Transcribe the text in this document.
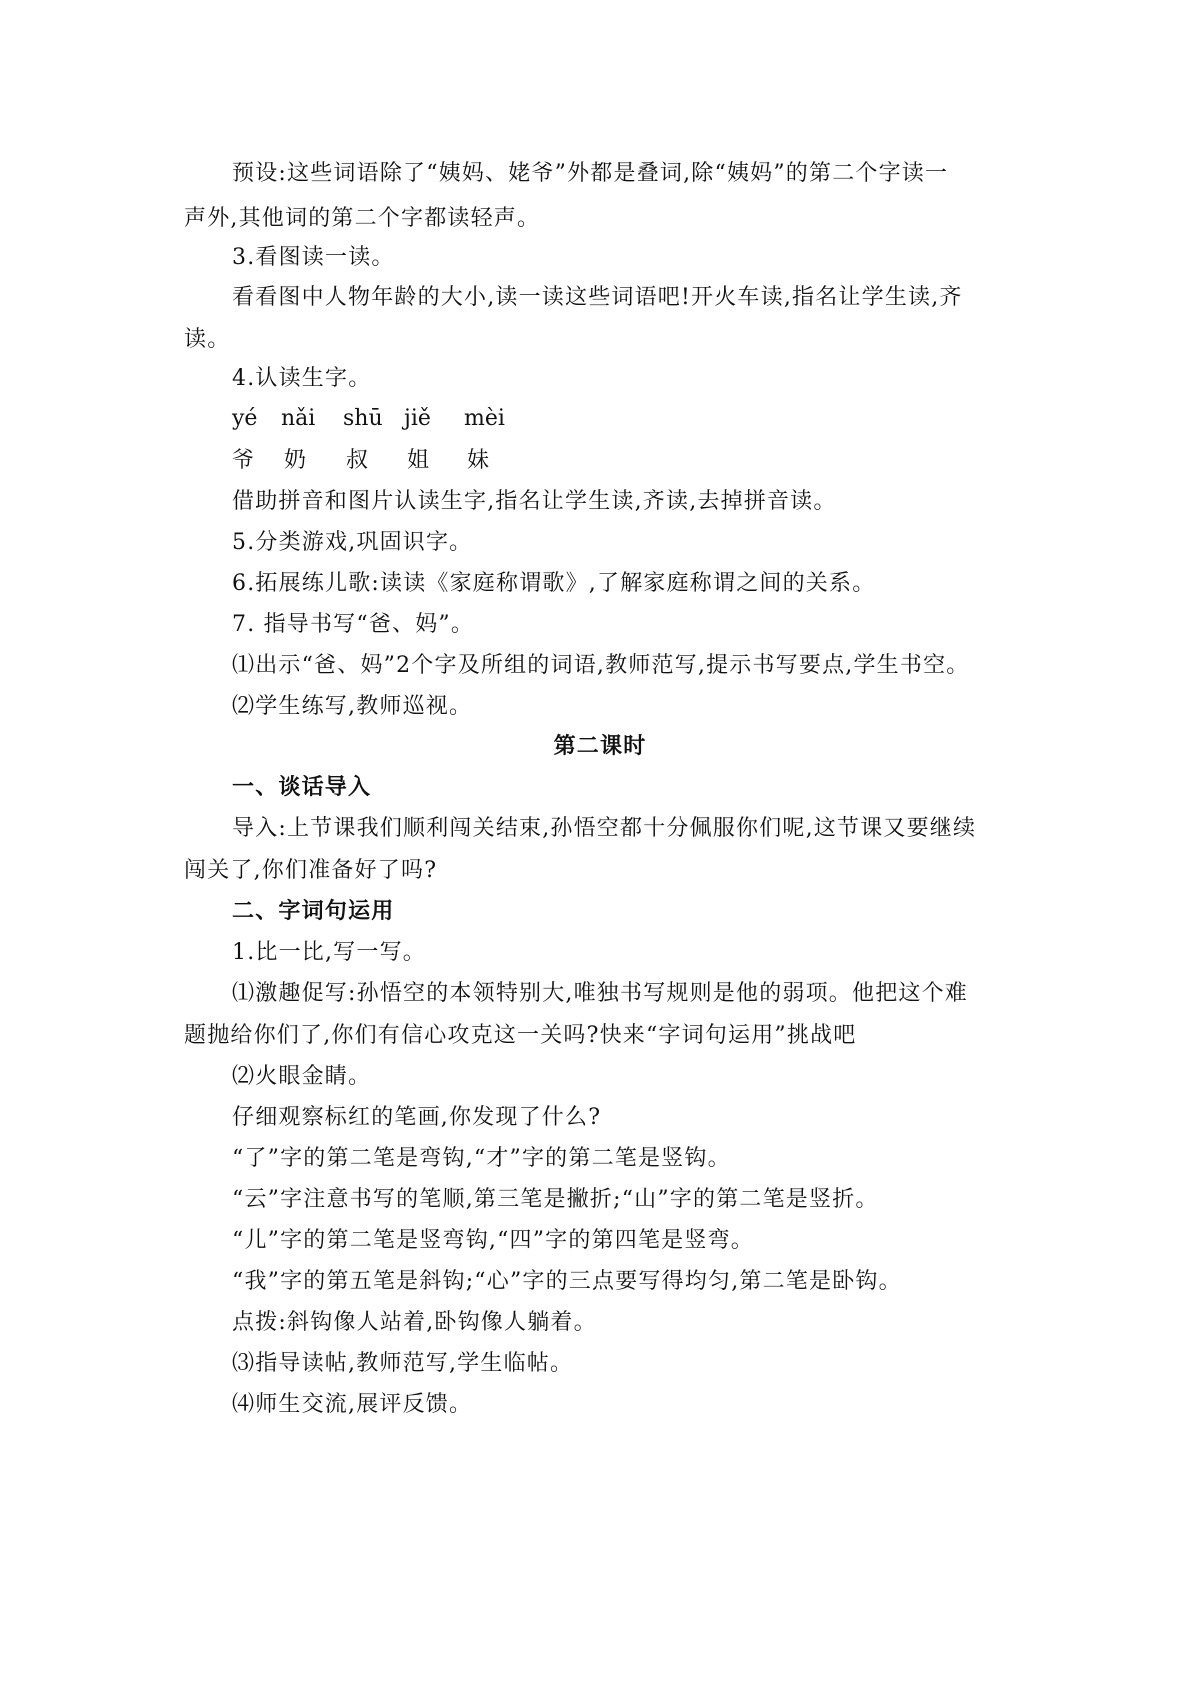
预设:这些词语除了“姨妈、姥爷”外都是叠词,除“姨妈”的第二个字读一
声外,其他词的第二个字都读轻声。
3.看图读一读。
看看图中人物年龄的大小,读一读这些词语吧!开火车读,指名让学生读,齐
读。
4.认读生字。
yé nǎi shū jiě mèi
爷 奶 叔 姐 妹
借助拼音和图片认读生字,指名让学生读,齐读,去掉拼音读。
5.分类游戏,巩固识字。
6.拓展练儿歌:读读《家庭称谓歌》,了解家庭称谓之间的关系。
7. 指导书写“爸、妈”。
⑴出示“爸、妈”2个字及所组的词语,教师范写,提示书写要点,学生书空。
⑵学生练写,教师巡视。
第二课时
一、谈话导入
导入:上节课我们顺利闯关结束,孙悟空都十分佩服你们呢,这节课又要继续
闯关了,你们准备好了吗?
二、字词句运用
1.比一比,写一写。
⑴激趣促写:孙悟空的本领特别大,唯独书写规则是他的弱项。他把这个难
题抛给你们了,你们有信心攻克这一关吗?快来“字词句运用”挑战吧
⑵火眼金睛。
仔细观察标红的笔画,你发现了什么?
“了”字的第二笔是弯钩,“才”字的第二笔是竖钩。
“云”字注意书写的笔顺,第三笔是撇折;“山”字的第二笔是竖折。
“儿”字的第二笔是竖弯钩,“四”字的第四笔是竖弯。
“我”字的第五笔是斜钩;“心”字的三点要写得均匀,第二笔是卧钩。
点拨:斜钩像人站着,卧钩像人躺着。
⑶指导读帖,教师范写,学生临帖。
⑷师生交流,展评反馈。
